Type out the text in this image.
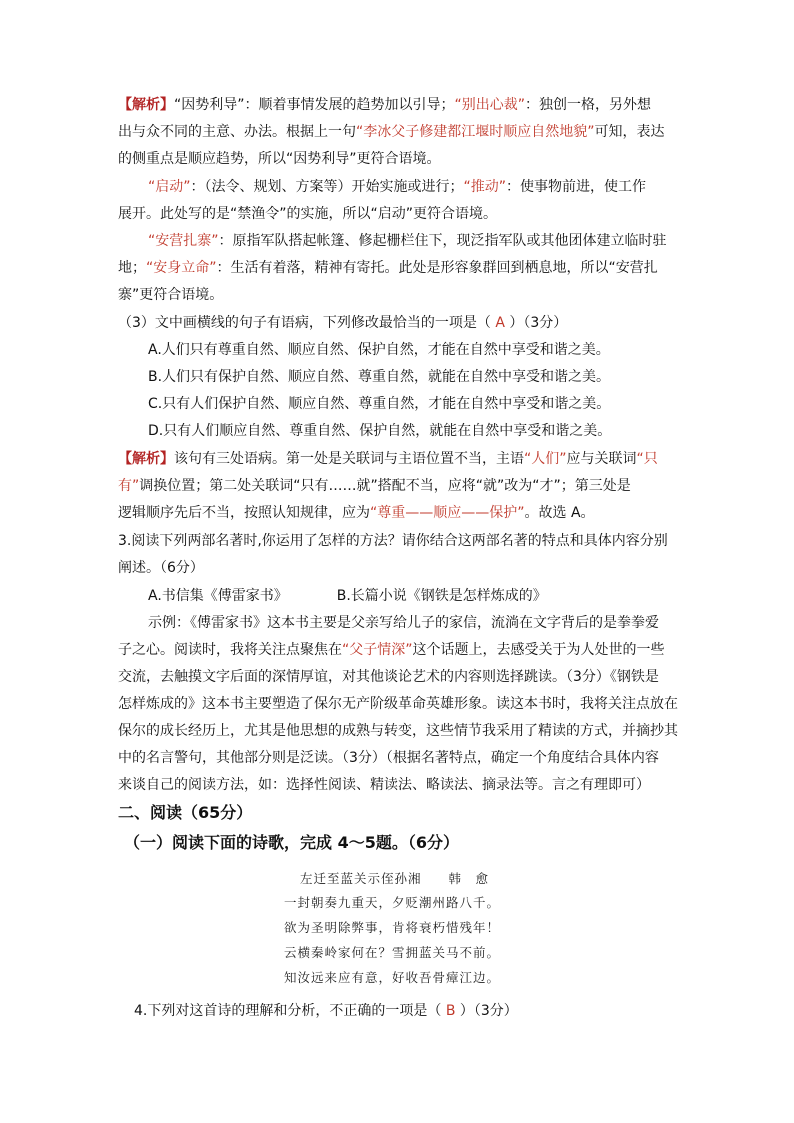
【解析】“因势利导”：顺着事情发展的趋势加以引导；“别出心裁”：独创一格，另外想
出与众不同的主意、办法。根据上一句“李冰父子修建都江堰时顺应自然地貌”可知，表达
的侧重点是顺应趋势，所以“因势利导”更符合语境。
“启动”：（法令、规划、方案等）开始实施或进行；“推动”：使事物前进，使工作
展开。此处写的是“禁渔令”的实施，所以“启动”更符合语境。
“安营扎寨”：原指军队搭起帐篷、修起栅栏住下，现泛指军队或其他团体建立临时驻
地；“安身立命”：生活有着落，精神有寄托。此处是形容象群回到栖息地，所以“安营扎
寨”更符合语境。
（3）文中画横线的句子有语病，下列修改最恰当的一项是（ A ）（3分）
A.人们只有尊重自然、顺应自然、保护自然，才能在自然中享受和谐之美。
B.人们只有保护自然、顺应自然、尊重自然，就能在自然中享受和谐之美。
C.只有人们保护自然、顺应自然、尊重自然，才能在自然中享受和谐之美。
D.只有人们顺应自然、尊重自然、保护自然，就能在自然中享受和谐之美。
【解析】该句有三处语病。第一处是关联词与主语位置不当，主语“人们”应与关联词“只
有”调换位置；第二处关联词“只有……就”搭配不当，应将“就”改为“才”；第三处是
逻辑顺序先后不当，按照认知规律，应为“尊重——顺应——保护”。故选 A。
3.阅读下列两部名著时,你运用了怎样的方法？请你结合这两部名著的特点和具体内容分别
阐述。（6分）
A.书信集《傅雷家书》           B.长篇小说《钢铁是怎样炼成的》
示例：《傅雷家书》这本书主要是父亲写给儿子的家信，流淌在文字背后的是拳拳爱
子之心。阅读时，我将关注点聚焦在“父子情深”这个话题上，去感受关于为人处世的一些
交流，去触摸文字后面的深情厚谊，对其他谈论艺术的内容则选择跳读。（3分）《钢铁是
怎样炼成的》这本书主要塑造了保尔无产阶级革命英雄形象。读这本书时，我将关注点放在
保尔的成长经历上，尤其是他思想的成熟与转变，这些情节我采用了精读的方式，并摘抄其
中的名言警句，其他部分则是泛读。（3分）（根据名著特点，确定一个角度结合具体内容
来谈自己的阅读方法，如：选择性阅读、精读法、略读法、摘录法等。言之有理即可）
二、阅读（65分）
（一）阅读下面的诗歌，完成 4～5题。（6分）
左迁至蓝关示侄孙湘　　韩　愈
一封朝奏九重天，夕贬潮州路八千。
欲为圣明除弊事，肯将衰朽惜残年！
云横秦岭家何在？雪拥蓝关马不前。
知汝远来应有意，好收吾骨瘴江边。
4.下列对这首诗的理解和分析，不正确的一项是（ B ）（3分）
